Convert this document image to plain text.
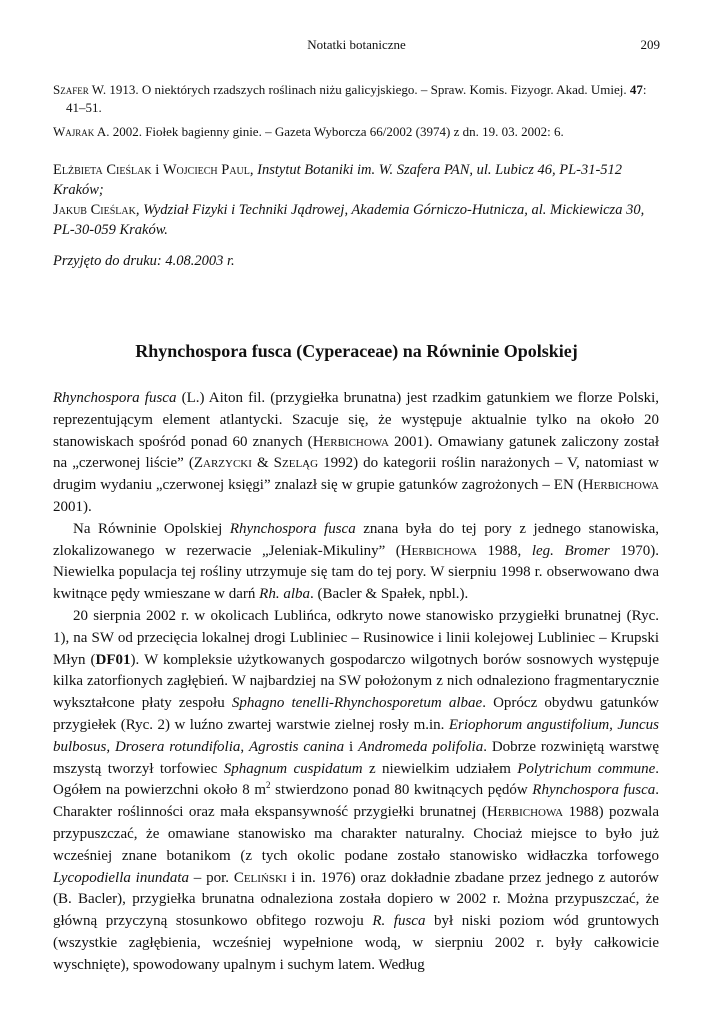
Notatki botaniczne	209

Szafer W. 1913. O niektórych rzadszych roślinach niżu galicyjskiego. – Spraw. Komis. Fizyogr. Akad. Umiej. 47: 41–51.

Wajrak A. 2002. Fiołek bagienny ginie. – Gazeta Wyborcza 66/2002 (3974) z dn. 19. 03. 2002: 6.

Elżbieta Cieślak i Wojciech Paul, Instytut Botaniki im. W. Szafera PAN, ul. Lubicz 46, PL-31-512 Kraków;

Jakub Cieślak, Wydział Fizyki i Techniki Jądrowej, Akademia Górniczo-Hutnicza, al. Mickiewicza 30, PL-30-059 Kraków.

Przyjęto do druku: 4.08.2003 r.
Rhynchospora fusca (Cyperaceae) na Równinie Opolskiej

Rhynchospora fusca (L.) Aiton fil. (przygiełka brunatna) jest rzadkim gatunkiem we florze Polski, reprezentującym element atlantycki. Szacuje się, że występuje aktualnie tylko na około 20 stanowiskach spośród ponad 60 znanych (Herbichowa 2001). Omawiany gatunek zaliczony został na „czerwonej liście” (Zarzycki & Szeląg 1992) do kategorii roślin narażonych – V, natomiast w drugim wydaniu „czerwonej księgi” znalazł się w grupie gatunków zagrożonych – EN (Herbichowa 2001).

Na Równinie Opolskiej Rhynchospora fusca znana była do tej pory z jednego stanowiska, zlokalizowanego w rezerwacie „Jeleniak-Mikuliny” (Herbichowa 1988, leg. Bromer 1970). Niewielka populacja tej rośliny utrzymuje się tam do tej pory. W sierpniu 1998 r. obserwowano dwa kwitnące pędy wmieszane w darń Rh. alba. (Bacler & Spałek, npbl.).

20 sierpnia 2002 r. w okolicach Lublińca, odkryto nowe stanowisko przygiełki brunatnej (Ryc. 1), na SW od przecięcia lokalnej drogi Lubliniec – Rusinowice i linii kolejowej Lubliniec – Krupski Młyn (DF01). W kompleksie użytkowanych gospodarczo wilgotnych borów sosnowych występuje kilka zatorfionych zagłębień. W najbardziej na SW położonym z nich odnaleziono fragmentarycznie wykształcone płaty zespołu Sphagno tenelli-Rhynchosporetum albae. Oprócz obydwu gatunków przygiełek (Ryc. 2) w luźno zwartej warstwie zielnej rosły m.in. Eriophorum angustifolium, Juncus bulbosus, Drosera rotundifolia, Agrostis canina i Andromeda polifolia. Dobrze rozwiniętą warstwę mszystą tworzył torfowiec Sphagnum cuspidatum z niewielkim udziałem Polytrichum commune. Ogółem na powierzchni około 8 $m^2$ stwierdzono ponad 80 kwitnących pędów Rhynchospora fusca. Charakter roślinności oraz mała ekspansywność przygiełki brunatnej (Herbichowa 1988) pozwala przypuszczać, że omawiane stanowisko ma charakter naturalny. Chociaż miejsce to było już wcześniej znane botanikom (z tych okolic podane zostało stanowisko widłaczka torfowego Lycopodiella inundata – por. Celiński i in. 1976) oraz dokładnie zbadane przez jednego z autorów (B. Bacler), przygiełka brunatna odnaleziona została dopiero w 2002 r. Można przypuszczać, że główną przyczyną stosunkowo obfitego rozwoju R. fusca był niski poziom wód gruntowych (wszystkie zagłębienia, wcześniej wypełnione wodą, w sierpniu 2002 r. były całkowicie wyschnięte), spowodowany upalnym i suchym latem. Według
